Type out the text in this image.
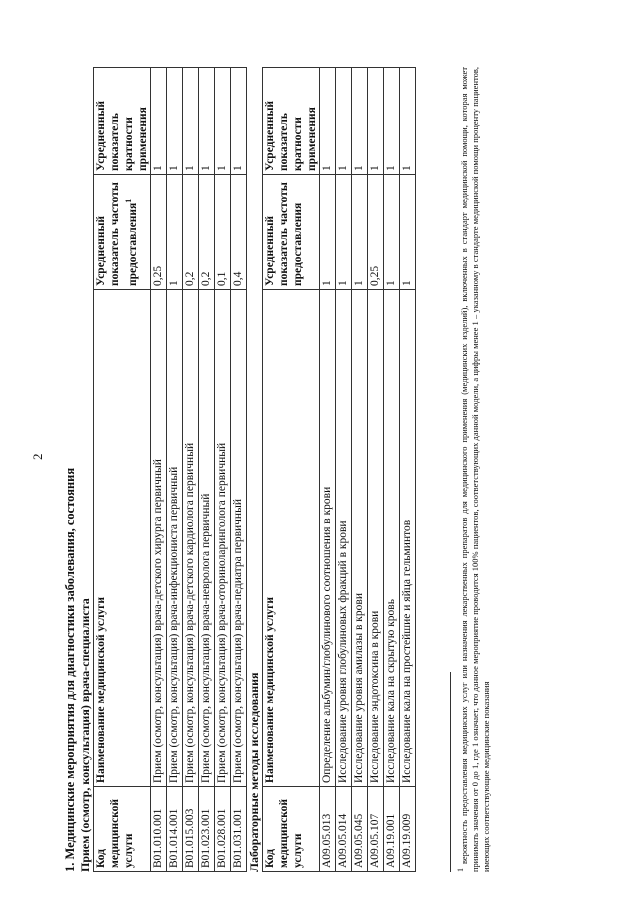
2
1. Медицинские мероприятия для диагностики заболевания, состояния Прием (осмотр, консультация) врача-специалиста Код медицинской услуги	Наименование медицинской услуги	Усредненный показатель частоты предоставления$^1$	Усредненный показатель кратности применения
B01.010.001	Прием (осмотр, консультация) врача-детского хирурга первичный	0,25	1
B01.014.001	Прием (осмотр, консультация) врача-инфекциониста первичный	1	1
B01.015.003	Прием (осмотр, консультация) врача-детского кардиолога первичный	0,2	1
B01.023.001	Прием (осмотр, консультация) врача-невролога первичный	0,2	1
B01.028.001	Прием (осмотр, консультация) врача-оториноларинголога первичный	0,1	1
B01.031.001	Прием (осмотр, консультация) врача-педиатра первичный	0,4	1
Лабораторные методы исследования Код медицинской услуги	Наименование медицинской услуги	Усредненный показатель частоты предоставления	Усредненный показатель кратности применения
A09.05.013	Определение альбумин/глобулинового соотношения в крови	1	1
A09.05.014	Исследование уровня глобулиновых фракций в крови	1	1
A09.05.045	Исследование уровня амилазы в крови	1	1
A09.05.107	Исследование эндотоксина в крови	0,25	1
A09.19.001	Исследование кала на скрытую кровь	1	1
A09.19.009	Исследование кала на простейшие и яйца гельминтов	1	1
1 вероятность предоставления медицинских услуг или назначения лекарственных препаратов для медицинского применения (медицинских изделий), включенных в стандарт медицинской помощи, которая может принимать значения от 0 до 1, где 1 означает, что данное мероприятие проводится 100% пациентов, соответствующих данной модели, а цифры менее 1 – указанному в стандарте медицинской помощи проценту пациентов, имеющих соответствующие медицинские показания
